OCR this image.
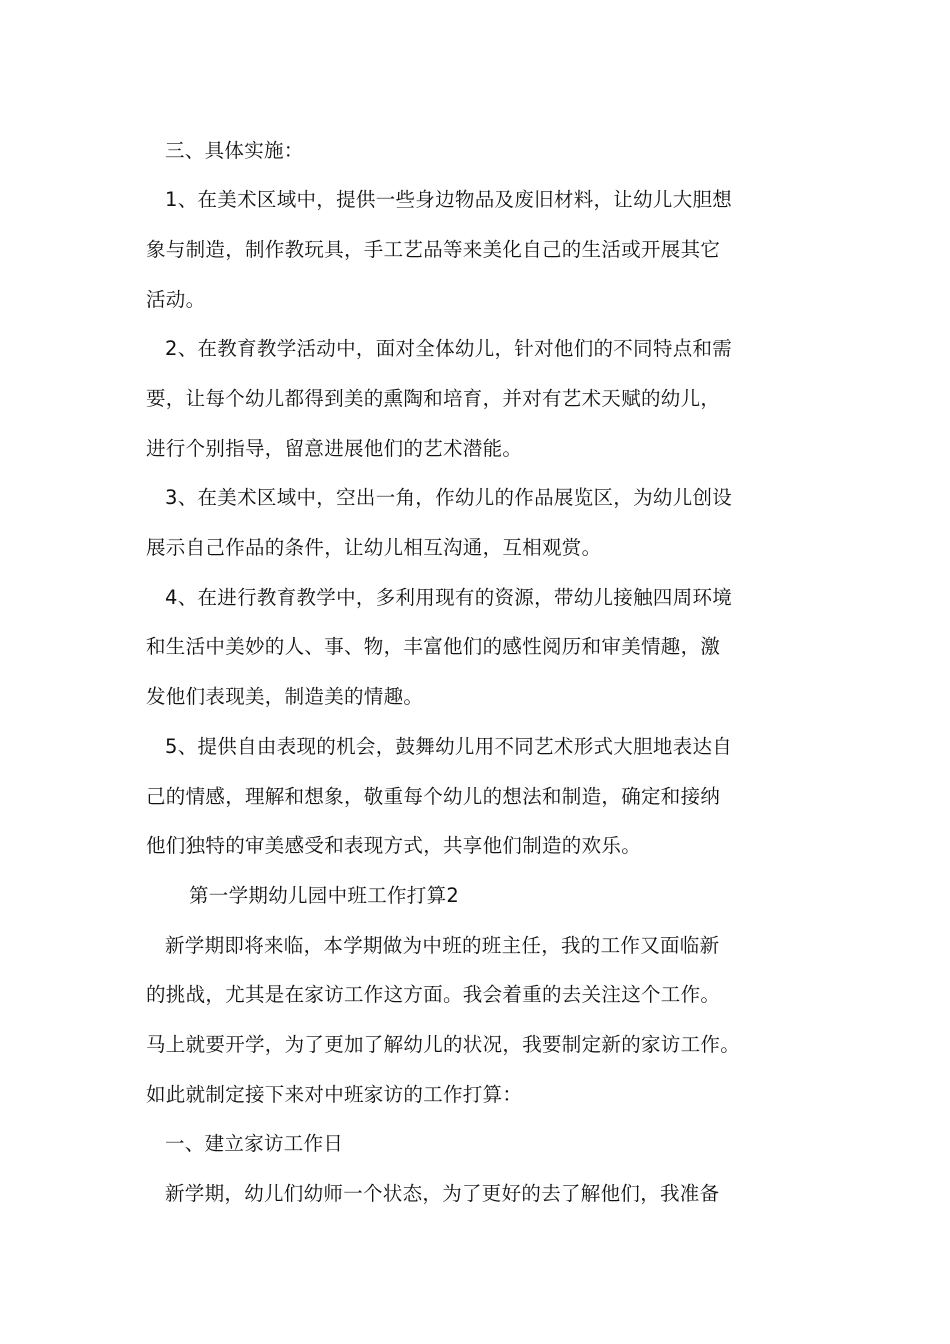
三、具体实施：
1、在美术区域中，提供一些身边物品及废旧材料，让幼儿大胆想
象与制造，制作教玩具，手工艺品等来美化自己的生活或开展其它
活动。
2、在教育教学活动中，面对全体幼儿，针对他们的不同特点和需
要，让每个幼儿都得到美的熏陶和培育，并对有艺术天赋的幼儿，
进行个别指导，留意进展他们的艺术潜能。
3、在美术区域中，空出一角，作幼儿的作品展览区，为幼儿创设
展示自己作品的条件，让幼儿相互沟通，互相观赏。
4、在进行教育教学中，多利用现有的资源，带幼儿接触四周环境
和生活中美妙的人、事、物，丰富他们的感性阅历和审美情趣，激
发他们表现美，制造美的情趣。
5、提供自由表现的机会，鼓舞幼儿用不同艺术形式大胆地表达自
己的情感，理解和想象，敬重每个幼儿的想法和制造，确定和接纳
他们独特的审美感受和表现方式，共享他们制造的欢乐。
第一学期幼儿园中班工作打算2
新学期即将来临，本学期做为中班的班主任，我的工作又面临新
的挑战，尤其是在家访工作这方面。我会着重的去关注这个工作。
马上就要开学，为了更加了解幼儿的状况，我要制定新的家访工作。
如此就制定接下来对中班家访的工作打算：
一、建立家访工作日
新学期，幼儿们幼师一个状态，为了更好的去了解他们，我准备
